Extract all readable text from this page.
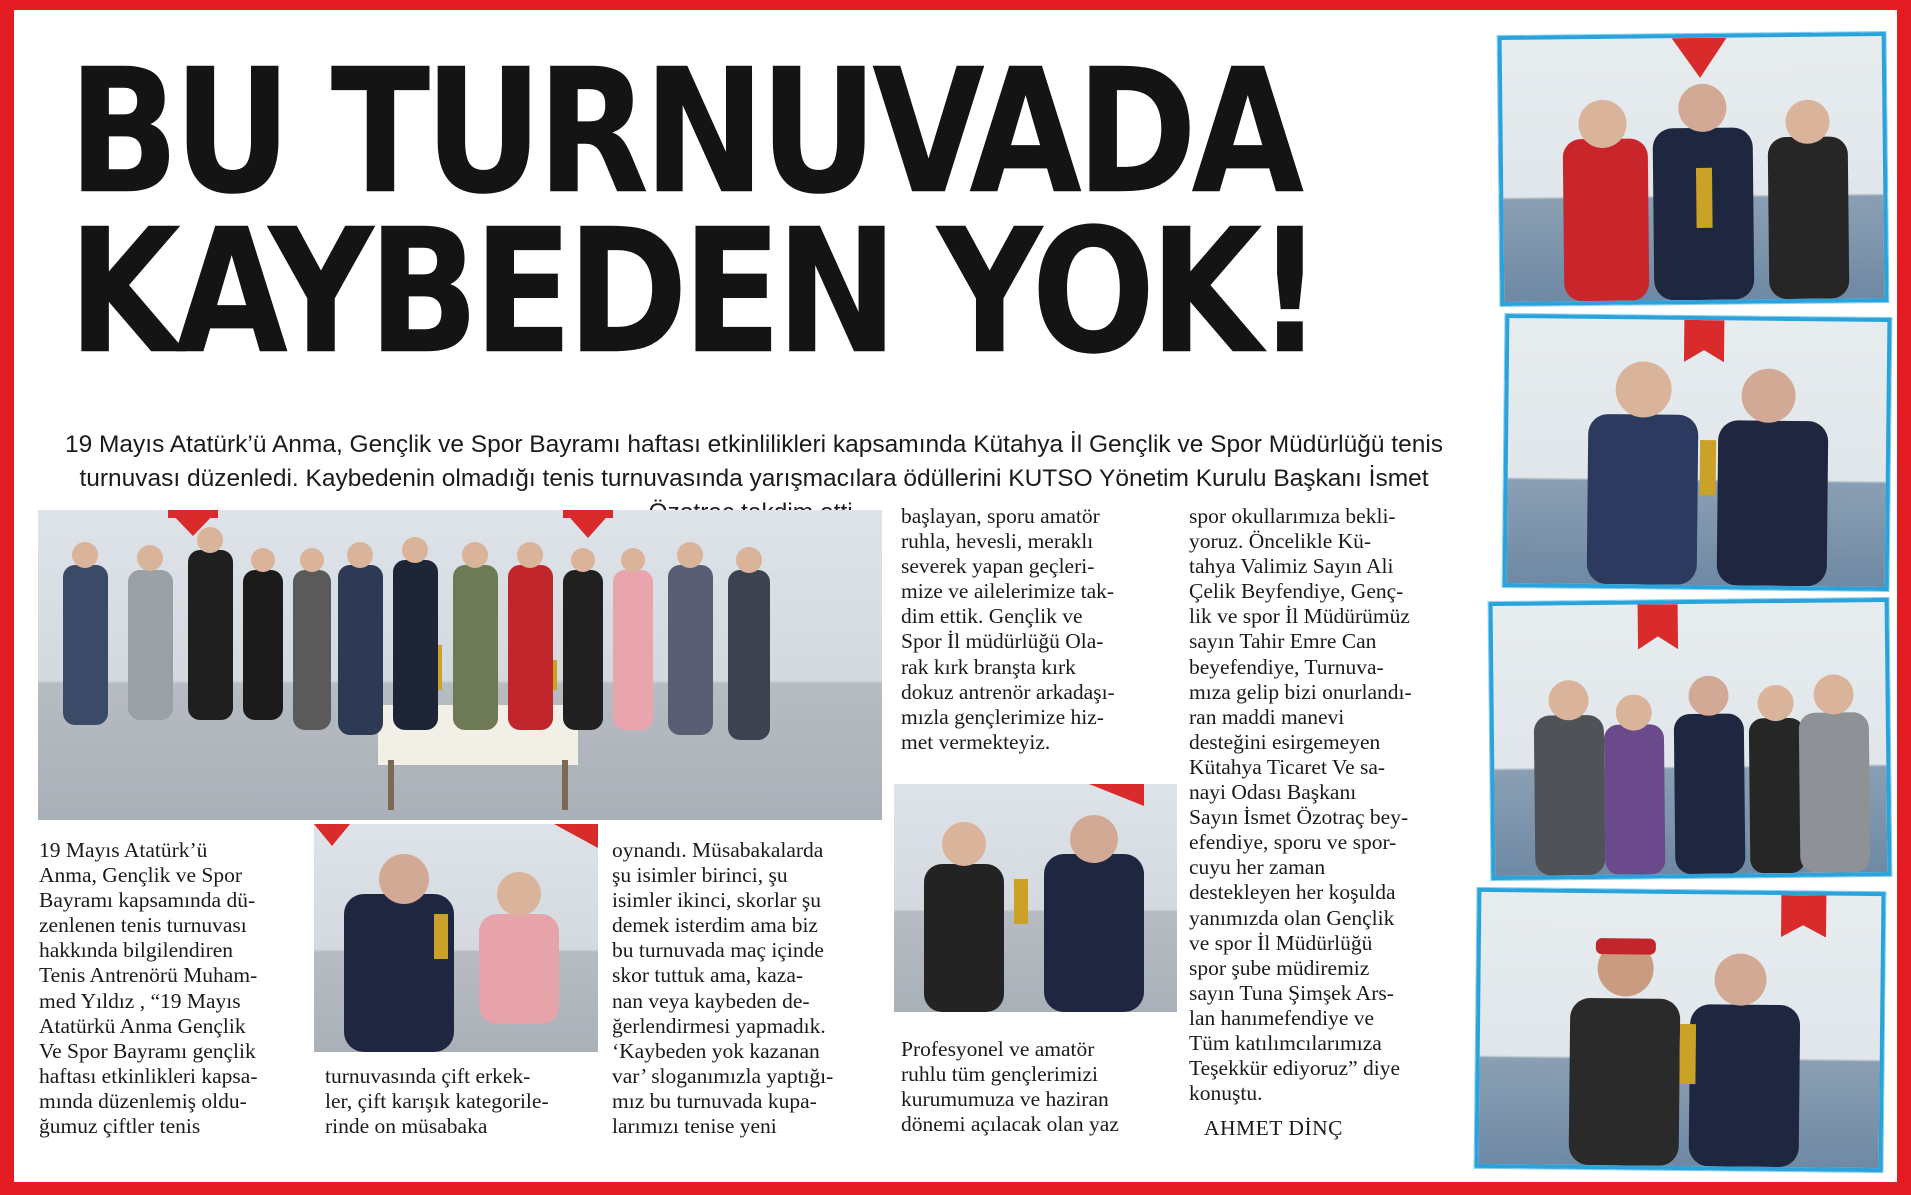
BU TURNUVADA
KAYBEDEN YOK!

19 Mayıs Atatürk’ü Anma, Gençlik ve Spor Bayramı haftası etkinlilikleri kapsamında Kütahya İl Gençlik ve Spor Müdürlüğü tenis turnuvası düzenledi. Kaybedenin olmadığı tenis turnuvasında yarışmacılara ödüllerini KUTSO Yönetim Kurulu Başkanı İsmet

19 Mayıs Atatürk’ü
Anma, Gençlik ve Spor
Bayramı kapsamında dü-
zenlenen tenis turnuvası
hakkında bilgilendiren
Tenis Antrenörü Muham-
med Yıldız , “19 Mayıs
Atatürkü Anma Gençlik
Ve Spor Bayramı gençlik
haftası etkinlikleri kapsa-
mında düzenlemiş oldu-
ğumuz çiftler tenis

turnuvasında çift erkek-
ler, çift karışık kategorile-
rinde on müsabaka

oynandı. Müsabakalarda
şu isimler birinci, şu
isimler ikinci, skorlar şu
demek isterdim ama biz
bu turnuvada maç içinde
skor tuttuk ama, kaza-
nan veya kaybeden de-
ğerlendirmesi yapmadık.
‘Kaybeden yok kazanan
var’ sloganımızla yaptığı-
mız bu turnuvada kupa-
larımızı tenise yeni

başlayan, sporu amatör
ruhla, hevesli, meraklı
severek yapan geçleri-
mize ve ailelerimize tak-
dim ettik. Gençlik ve
Spor İl müdürlüğü Ola-
rak kırk branşta kırk
dokuz antrenör arkadaşı-
mızla gençlerimize hiz-
met vermekteyiz.

Profesyonel ve amatör
ruhlu tüm gençlerimizi
kurumumuza ve haziran
dönemi açılacak olan yaz

spor okullarımıza bekli-
yoruz. Öncelikle Kü-
tahya Valimiz Sayın Ali
Çelik Beyfendiye, Genç-
lik ve spor İl Müdürümüz
sayın Tahir Emre Can
beyefendiye, Turnuva-
mıza gelip bizi onurlandı-
ran maddi manevi
desteğini esirgemeyen
Kütahya Ticaret Ve sa-
nayi Odası Başkanı
Sayın İsmet Özotraç bey-
efendiye, sporu ve spor-
cuyu her zaman
destekleyen her koşulda
yanımızda olan Gençlik
ve spor İl Müdürlüğü
spor şube müdiremiz
sayın Tuna Şimşek Ars-
lan hanımefendiye ve
Tüm katılımcılarımıza
Teşekkür ediyoruz” diye
konuştu.

AHMET DİNÇ
